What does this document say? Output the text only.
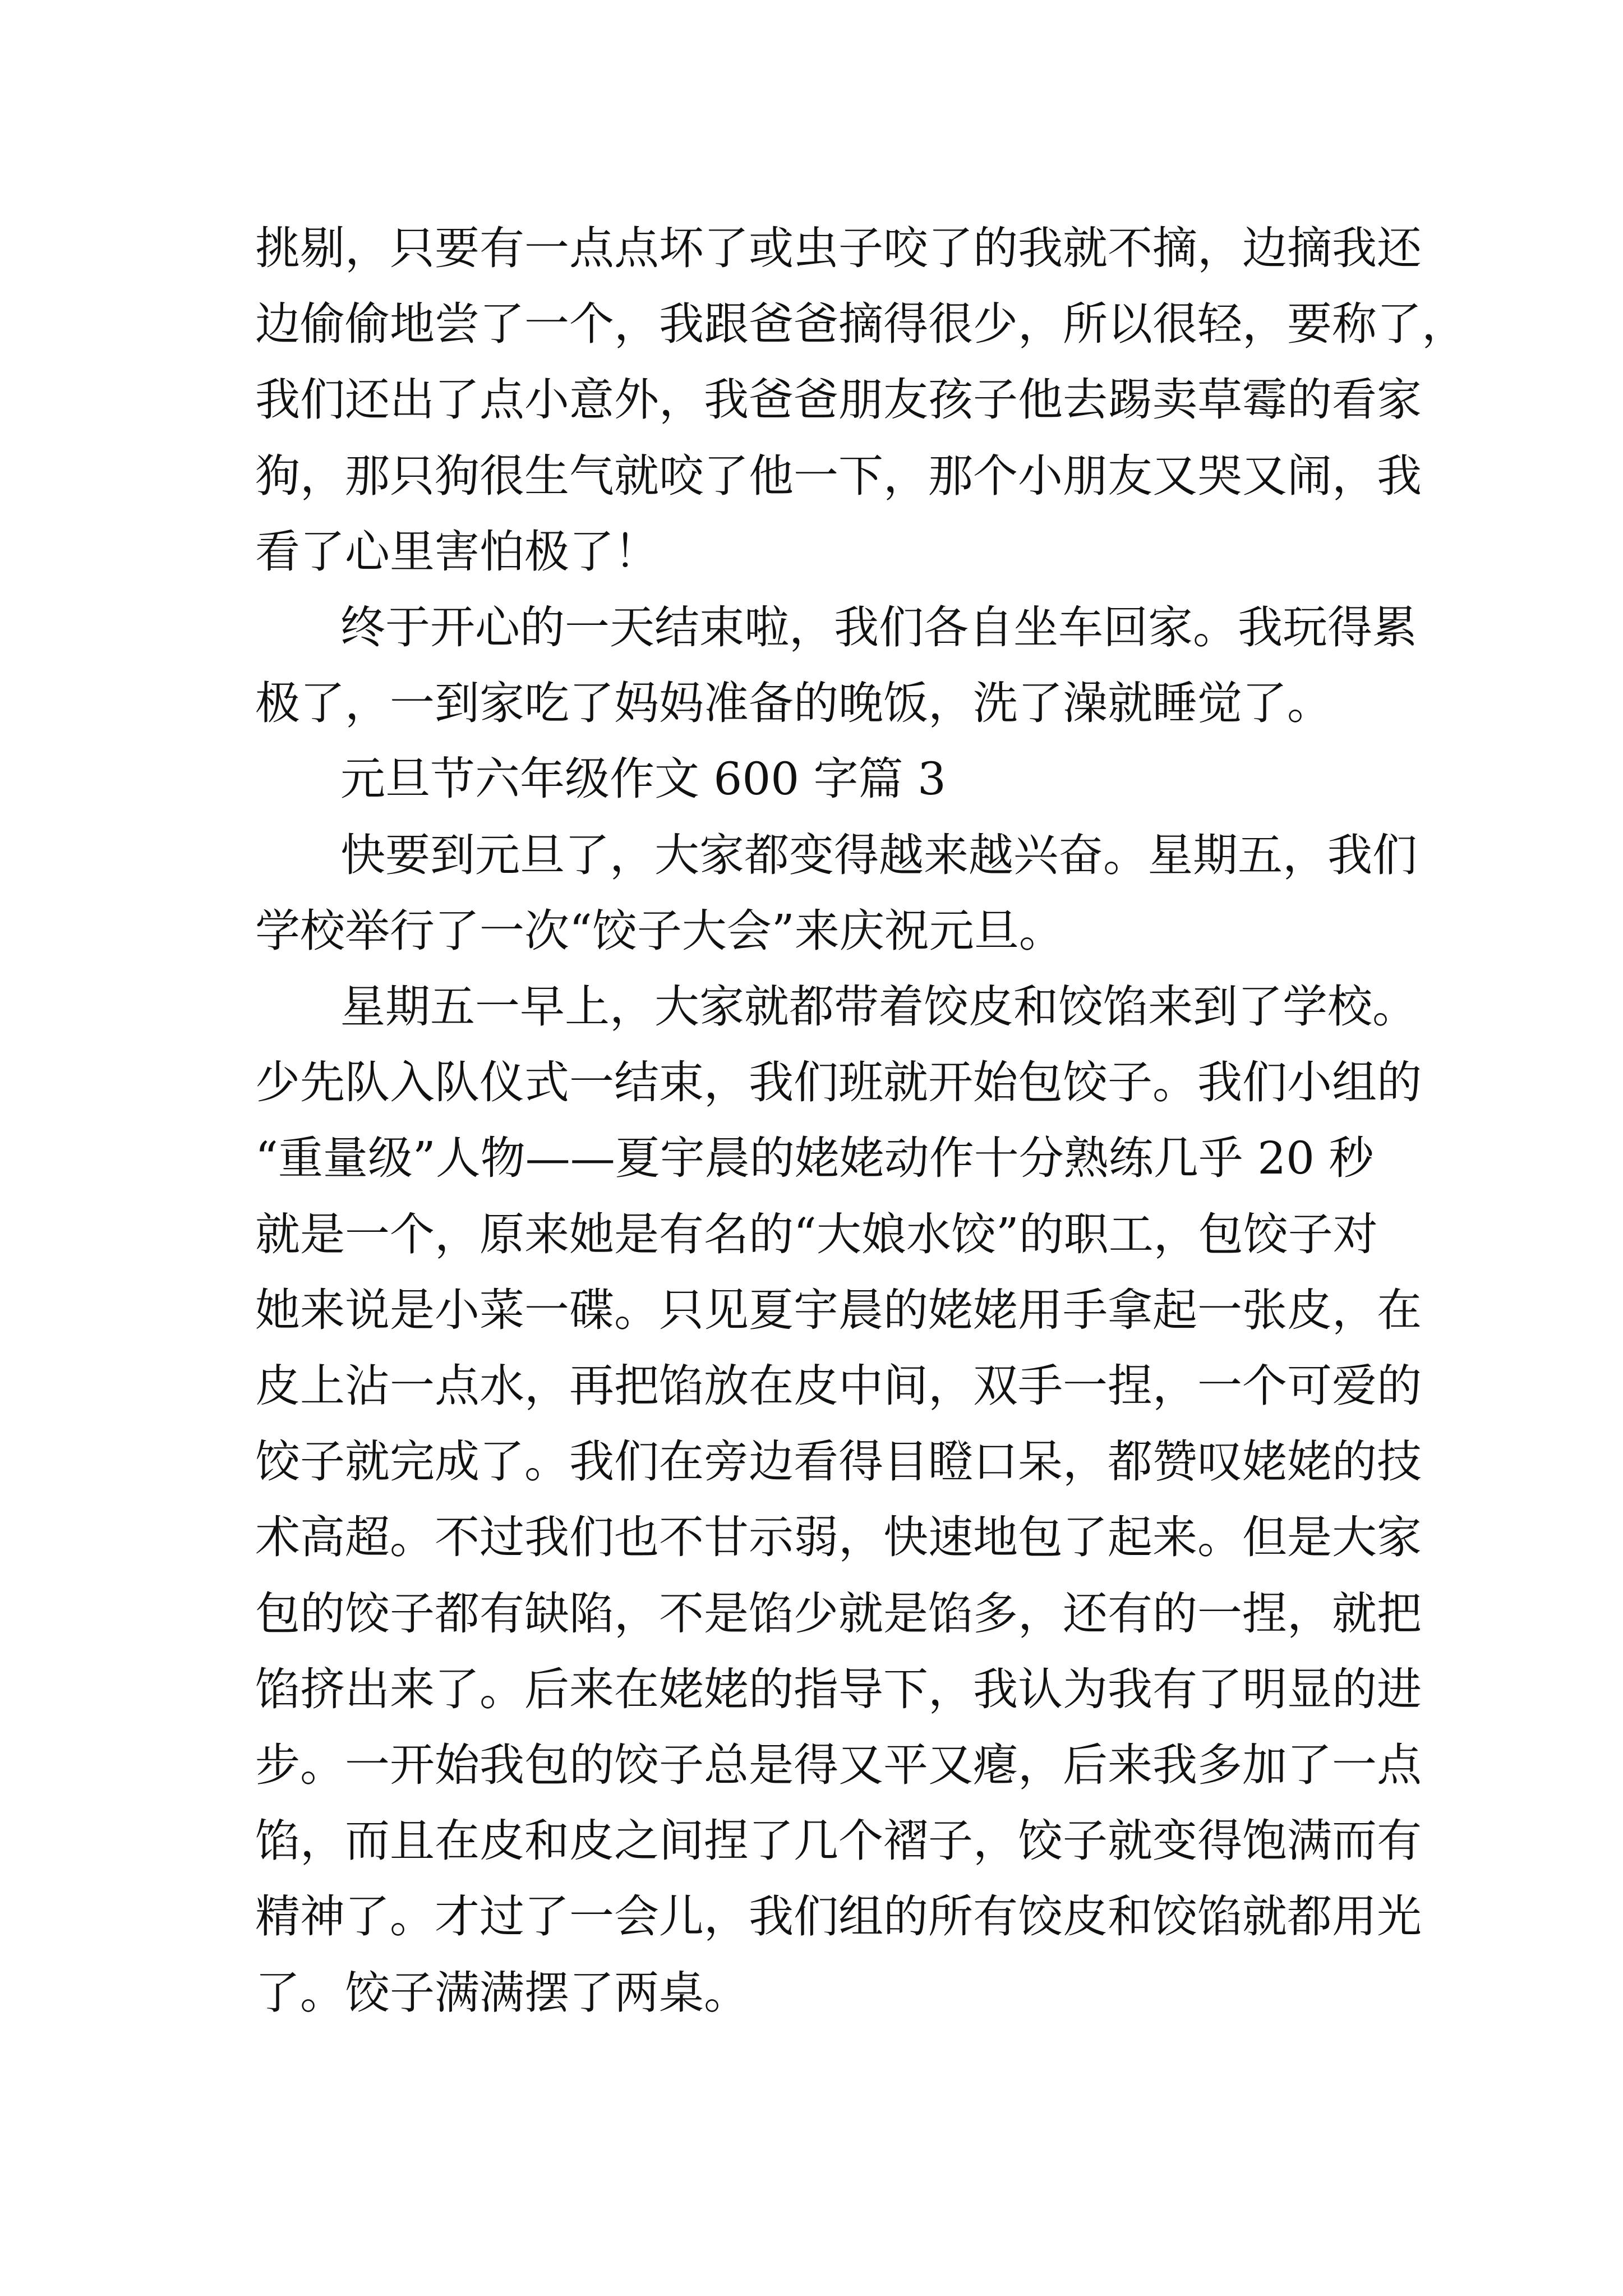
挑剔，只要有一点点坏了或虫子咬了的我就不摘，边摘我还
边偷偷地尝了一个，我跟爸爸摘得很少，所以很轻，要称了，
我们还出了点小意外，我爸爸朋友孩子他去踢卖草霉的看家
狗，那只狗很生气就咬了他一下，那个小朋友又哭又闹，我
看了心里害怕极了！
终于开心的一天结束啦，我们各自坐车回家。我玩得累
极了，一到家吃了妈妈准备的晚饭，洗了澡就睡觉了。
元旦节六年级作文 600 字篇 3
快要到元旦了，大家都变得越来越兴奋。星期五，我们
学校举行了一次“饺子大会”来庆祝元旦。
星期五一早上，大家就都带着饺皮和饺馅来到了学校。
少先队入队仪式一结束，我们班就开始包饺子。我们小组的
“重量级”人物——夏宇晨的姥姥动作十分熟练几乎 20 秒
就是一个，原来她是有名的“大娘水饺”的职工，包饺子对
她来说是小菜一碟。只见夏宇晨的姥姥用手拿起一张皮，在
皮上沾一点水，再把馅放在皮中间，双手一捏，一个可爱的
饺子就完成了。我们在旁边看得目瞪口呆，都赞叹姥姥的技
术高超。不过我们也不甘示弱，快速地包了起来。但是大家
包的饺子都有缺陷，不是馅少就是馅多，还有的一捏，就把
馅挤出来了。后来在姥姥的指导下，我认为我有了明显的进
步。一开始我包的饺子总是得又平又瘪，后来我多加了一点
馅，而且在皮和皮之间捏了几个褶子，饺子就变得饱满而有
精神了。才过了一会儿，我们组的所有饺皮和饺馅就都用光
了。饺子满满摆了两桌。
